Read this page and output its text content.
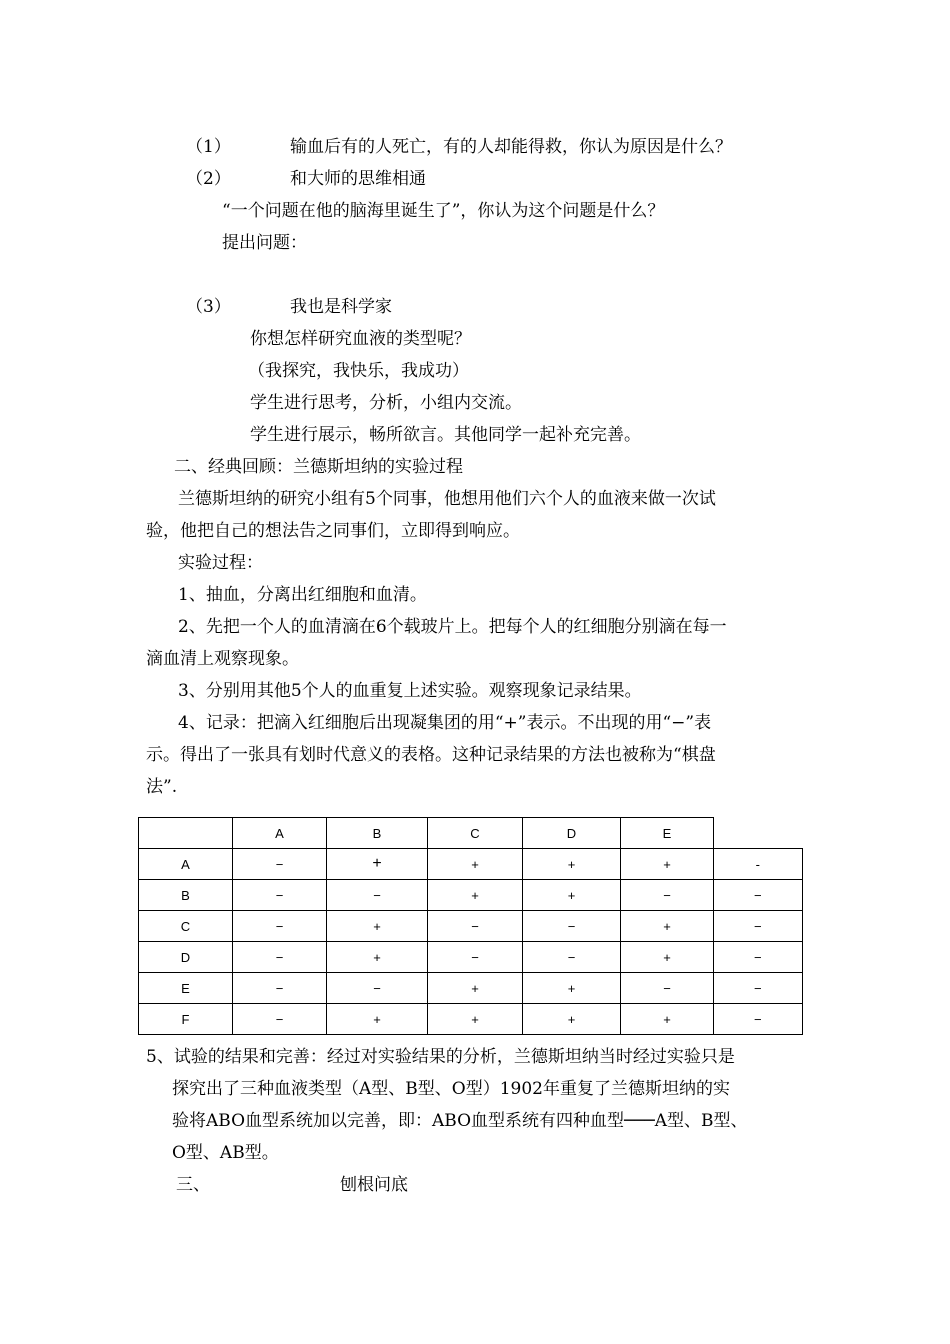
（1）	输血后有的人死亡，有的人却能得救，你认为原因是什么？
（2）	和大师的思维相通
“一个问题在他的脑海里诞生了”，你认为这个问题是什么？
提出问题：
（3）	我也是科学家
你想怎样研究血液的类型呢？
（我探究，我快乐，我成功）
学生进行思考，分析，小组内交流。
学生进行展示，畅所欲言。其他同学一起补充完善。
二、经典回顾：兰德斯坦纳的实验过程
兰德斯坦纳的研究小组有5个同事，他想用他们六个人的血液来做一次试
验，他把自己的想法告之同事们，立即得到响应。
实验过程：
1、抽血，分离出红细胞和血清。
2、先把一个人的血清滴在6个载玻片上。把每个人的红细胞分别滴在每一
滴血清上观察现象。
3、分别用其他5个人的血重复上述实验。观察现象记录结果。
4、记录：把滴入红细胞后出现凝集团的用“+”表示。不出现的用“−”表
示。得出了一张具有划时代意义的表格。这种记录结果的方法也被称为“棋盘
法”.
	A	B	C	D	E	
A	−	+	+	+	+	-
B	−	−	+	+	−	−
C	−	+	−	−	+	−
D	−	+	−	−	+	−
E	−	−	+	+	−	−
F	−	+	+	+	+	−
5、试验的结果和完善：经过对实验结果的分析，兰德斯坦纳当时经过实验只是
探究出了三种血液类型（A型、B型、O型）1902年重复了兰德斯坦纳的实
验将ABO血型系统加以完善，即：ABO血型系统有四种血型───A型、B型、
O型、AB型。
三、	刨根问底
